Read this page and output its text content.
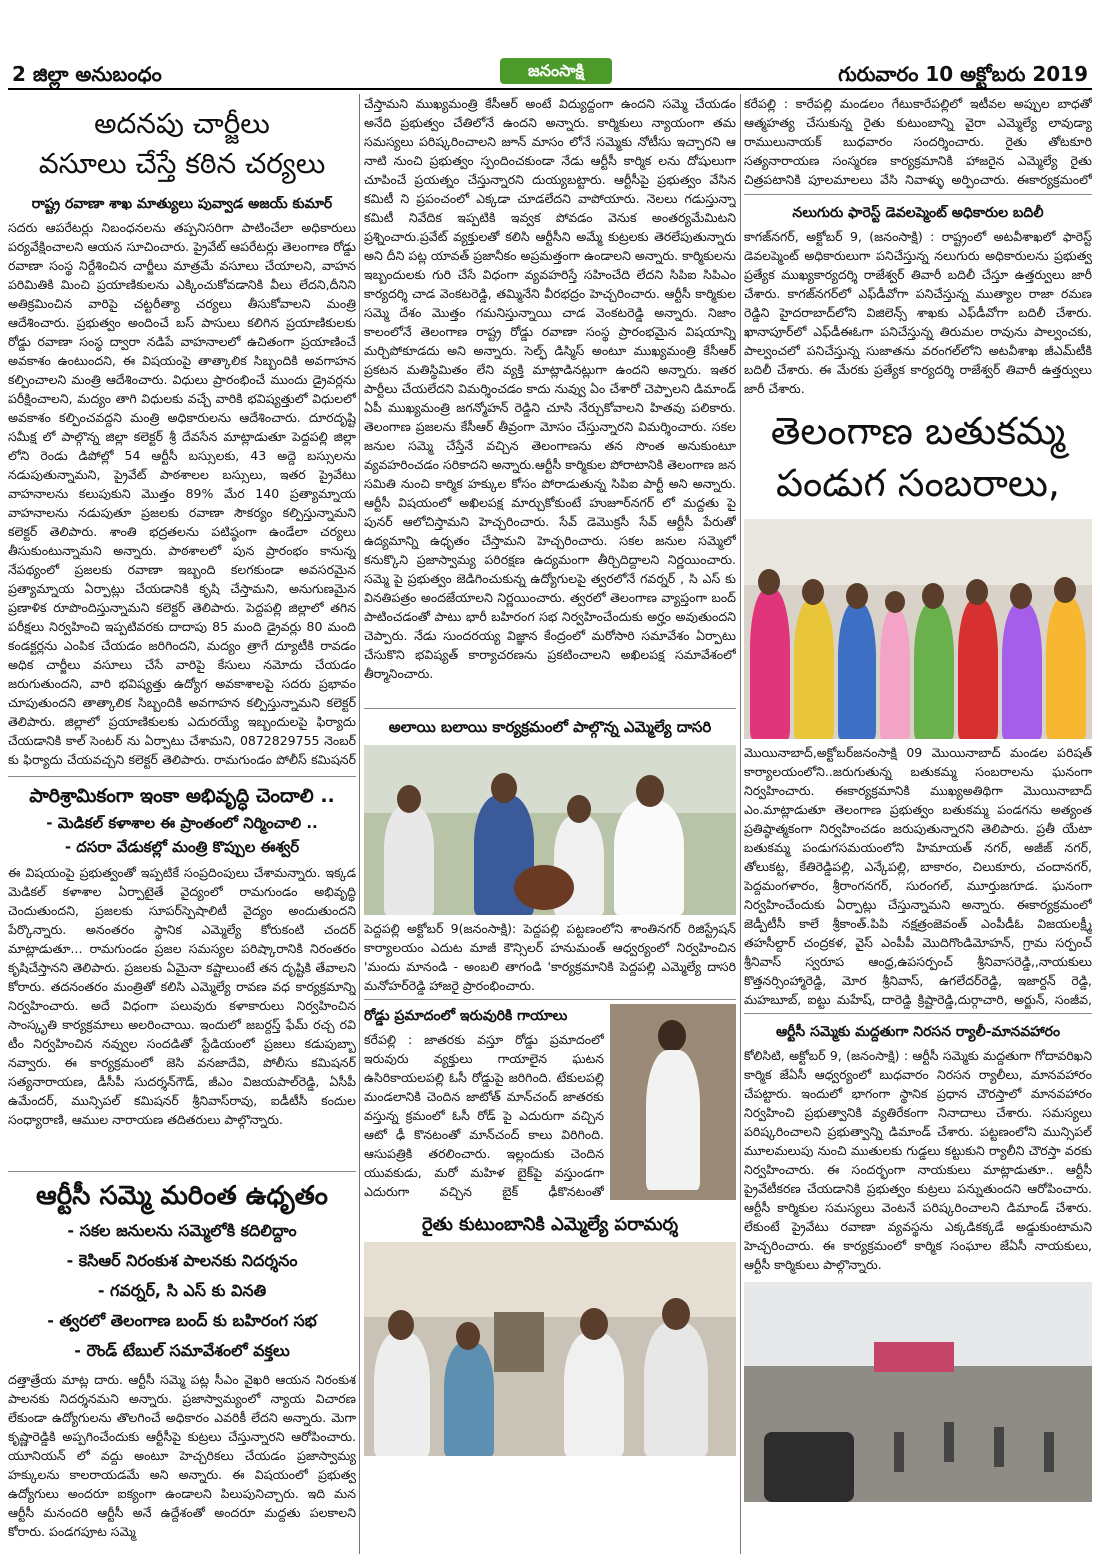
2 జిల్లా అనుబంధం	జనంసాక్షి	గురువారం 10 అక్టోబరు 2019
అదనపు చార్జీలు
వసూలు చేస్తే కఠిన చర్యలు
రాష్ట్ర రవాణా శాఖ మాత్యులు పువ్వాడ అజయ్ కుమార్
సదరు ఆపరేటర్లు నిబంధనలను తప్పనిసరిగా పాటించేలా అధికారులు పర్యవేక్షించాలని ఆయన సూచించారు. ప్రైవేట్ ఆపరేటర్లు తెలంగాణ రోడ్డు రవాణా సంస్థ నిర్దేశించిన చార్జీలు మాత్రమే వసూలు చేయాలని, వాహన పరిమితికి మించి ప్రయాణికులను ఎక్కించుకోవడానికి వీలు లేదని,దీనిని అతిక్రమించిన వారిపై చట్టరీత్యా చర్యలు తీసుకోవాలని మంత్రి ఆదేశించారు. ప్రభుత్వం అందించే బస్ పాసులు కలిగిన ప్రయాణికులకు రోడ్డు రవాణా సంస్థ ద్వారా నడిపే వాహనాలలో ఉచితంగా ప్రయాణించే అవకాశం ఉంటుందని, ఈ విషయంపై తాత్కాలిక సిబ్బందికి అవగాహన కల్పించాలని మంత్రి ఆదేశించారు. విధులు ప్రారంభించే ముందు డ్రైవర్లను పరీక్షించాలని, మద్యం తాగి విధులకు వచ్చే వారికి భవిష్యత్తులో విధులలో అవకాశం కల్పించవద్దని మంత్రి అధికారులను ఆదేశించారు. దూరదృష్టి సమీక్ష లో పాల్గొన్న జిల్లా కలెక్టర్ శ్రీ దేవసేన మాట్లాడుతూ పెద్దపల్లి జిల్లా లోని రెండు డిపోల్లో 54 ఆర్టీసీ బస్సులకు, 43 అద్దె బస్సులను నడుపుతున్నామని, ప్రైవేట్ పాఠశాలల బస్సులు, ఇతర ప్రైవేటు వాహనాలను కలుపుకుని మొత్తం 89% మేర 140 ప్రత్యామ్నాయ వాహనాలను నడుపుతూ ప్రజలకు రవాణా సౌకర్యం కల్పిస్తున్నామని కలెక్టర్ తెలిపారు. శాంతి భద్రతలను పటిష్ఠంగా ఉండేలా చర్యలు తీసుకుంటున్నామని అన్నారు. పాఠశాలలో పున ప్రారంభం కానున్న నేపథ్యంలో ప్రజలకు రవాణా ఇబ్బంది కలగకుండా అవసరమైన ప్రత్యామ్నాయ ఏర్పాట్లు చేయడానికి కృషి చేస్తామని, అనుగుణమైన ప్రణాళిక రూపొందిస్తున్నామని కలెక్టర్ తెలిపారు. పెద్దపల్లి జిల్లాలో తగిన పరీక్షలు నిర్వహించి ఇప్పటివరకు దాదాపు 85 మంది డ్రైవర్లు 80 మంది కండక్టర్లను ఎంపిక చేయడం జరిగిందని, మద్యం త్రాగే ద్యూటీకి రావడం అధిక చార్జీలు వసూలు చేసే వారిపై కేసులు నమోదు చేయడం జరుగుతుందని, వారి భవిష్యత్తు ఉద్యోగ అవకాశాలపై సదరు ప్రభావం చూపుతుందని తాత్కాలిక సిబ్బందికి అవగాహన కల్పిస్తున్నామని కలెక్టర్ తెలిపారు. జిల్లాలో ప్రయాణికులకు ఎదురయ్యే ఇబ్బందులపై ఫిర్యాదు చేయడానికి కాల్ సెంటర్ ను ఏర్పాటు చేశామని, 0872829755 నెంబర్ కు ఫిర్యాదు చేయవచ్చని కలెక్టర్ తెలిపారు. రామగుండం పోలీస్ కమిషనర్
పారిశ్రామికంగా ఇంకా అభివృద్ధి చెందాలి ..
- మెడికల్ కళాశాల ఈ ప్రాంతంలో నిర్మించాలి ..
- దసరా వేడుకల్లో మంత్రి కొప్పుల ఈశ్వర్
ఈ విషయంపై ప్రభుత్వంతో ఇప్పటికే సంప్రదింపులు చేశామన్నారు. ఇక్కడ మెడికల్ కళాశాల ఏర్పాటైతే వైద్యంలో రామగుండం అభివృద్ధి చెందుతుందని, ప్రజలకు సూపర్‌స్పెషాలిటీ వైద్యం అందుతుందని పేర్కొన్నారు. అనంతరం స్థానిక ఎమ్మెల్యే కోరుకంటి చందర్ మాట్లాడుతూ... రామగుండం ప్రజల సమస్యల పరిష్కారానికి నిరంతరం కృషిచేస్తానని తెలిపారు. ప్రజలకు ఏమైనా కష్టాలుంటే తన దృష్టికి తేవాలని కోరారు. తదనంతరం మంత్రితో కలిసి ఎమ్మెల్యే రావణ వధ కార్యక్రమాన్ని నిర్వహించారు. అదే విధంగా పలువురు కళాకారులు నిర్వహించిన సాంస్కృతి కార్యక్రమాలు అలరించాయి. ఇందులో జబర్దస్త్ ఫేమ్ రచ్చ రవి టీం నిర్వహించిన నవ్వుల సందడితో స్టేడియంలో ప్రజలు కడుపుబ్బా నవ్వారు. ఈ కార్యక్రమంలో జెసి వనజాదేవి, పోలీసు కమిషనర్ సత్యనారాయణ, డీసీపీ సుదర్శన్‌గౌడ్, జీఎం విజయపాల్‌రెడ్డి, ఏసీపీ ఉమేందర్, మున్సిపల్ కమిషనర్ శ్రీనివాస్‌రావు, ఐడీటీసీ కందుల సంధ్యారాణి, ఆముల నారాయణ తదితరులు పాల్గొన్నారు.
ఆర్టీసీ సమ్మె మరింత ఉధృతం
- సకల జనులను సమ్మెలోకి కదిలిద్దాం
- కెసిఆర్ నిరంకుశ పాలనకు నిదర్శనం
- గవర్నర్, సి ఎస్ కు వినతి
- త్వరలో తెలంగాణ బంద్ కు బహిరంగ సభ
- రౌండ్ టేబుల్ సమావేశంలో వక్తలు
దత్తాత్రేయ మాట్ల దారు. ఆర్టీసీ సమ్మె పట్ల సీఎం వైఖరి ఆయన నిరంకుశ పాలనకు నిదర్శనమని అన్నారు. ప్రజాస్వామ్యంలో న్యాయ విచారణ లేకుండా ఉద్యోగులను తొలగించే అధికారం ఎవరికీ లేదని అన్నారు. మెగా కృష్ణారెడ్డికి అప్పగించేందుకు ఆర్టీసీపై కుట్రలు చేస్తున్నారని ఆరోపించారు. యూనియన్ లో వద్దు అంటూ హెచ్చరికలు చేయడం ప్రజాస్వామ్య హక్కులను కాలరాయడమే అని అన్నారు. ఈ విషయంలో ప్రభుత్వ ఉద్యోగులు అందరూ ఐక్యంగా ఉండాలని పిలుపునిచ్చారు. ఇది మన ఆర్టీసీ మనందరి ఆర్టీసీ అనే ఉద్దేశంతో అందరూ మద్దతు పలకాలని కోరారు. పండగపూట సమ్మె
చేస్తామని ముఖ్యమంత్రి కేసీఆర్ అంటే విద్యుద్దంగా ఉందని సమ్మె చేయడం అనేది ప్రభుత్వం చేతిలోనే ఉందని అన్నారు. కార్మికులు న్యాయంగా తమ సమస్యలు పరిష్కరించాలని జూన్ మాసం లోనే సమ్మెకు నోటీసు ఇచ్చారని ఆ నాటి నుంచి ప్రభుత్వం స్పందించకుండా నేడు ఆర్టీసీ కార్మిక లను దోషులుగా చూపించే ప్రయత్నం చేస్తున్నారని దుయ్యబట్టారు. ఆర్టీసీపై ప్రభుత్వం వేసిన కమిటీ ని ప్రపంచంలో ఎక్కడా చూడలేదని వాపోయారు. నెలలు గడుస్తున్నా కమిటీ నివేదిక ఇప్పటికి ఇవ్వక పోవడం వెనుక అంతర్యమేమిటని ప్రశ్నించారు.ప్రవేట్ వ్యక్తులతో కలిసి ఆర్టీసీని అమ్మే కుట్రలకు తెరలేపుతున్నారు అని దీని పట్ల యావత్ ప్రజానీకం అప్రమత్తంగా ఉండాలని అన్నారు. కార్మికులను ఇబ్బందులకు గురి చేసే విధంగా వ్యవహరిస్తే సహించేది లేదని సిపిఐ సిపిఎం కార్యదర్శి చాడ వెంకటరెడ్డి, తమ్మినేని వీరభద్రం హెచ్చరించారు. ఆర్టీసీ కార్మికుల సమ్మె దేశం మొత్తం గమనిస్తున్నాయి చాడ వెంకటరెడ్డి అన్నారు. నిజాం కాలంలోనే తెలంగాణ రాష్ట్ర రోడ్డు రవాణా సంస్థ ప్రారంభమైన విషయాన్ని మర్చిపోకూడదు అని అన్నారు. సెల్ఫ్ డిస్మిస్ అంటూ ముఖ్యమంత్రి కేసీఆర్ ప్రకటన మతిస్థిమితం లేని వ్యక్తి మాట్లాడినట్లుగా ఉందని అన్నారు. ఇతర పార్టీలు చేయలేదని విమర్శించడం కాదు నువ్వు ఏం చేశారో చెప్పాలని డిమాండ్ ఏపీ ముఖ్యమంత్రి జగన్మోహన్ రెడ్డిని చూసి నేర్చుకోవాలని హితవు పలికారు. తెలంగాణ ప్రజలను కేసీఆర్ తీవ్రంగా మోసం చేస్తున్నారని విమర్శించారు. సకల జనుల సమ్మె చేస్తేనే వచ్చిన తెలంగాణను తన సొంత అనుకుంటూ వ్యవహరించడం సరికాదని అన్నారు.ఆర్టీసీ కార్మికుల పోరాటానికి తెలంగాణ జన సమితి నుంచి కార్మిక హక్కుల కోసం పోరాడుతున్న సిపిఐ పార్టీ అని అన్నారు. ఆర్టీసీ విషయంలో అఖిలపక్ష మార్చుకోకుంటే హుజూర్‌నగర్ లో మద్దతు పై పునర్ ఆలోచిస్తామని హెచ్చరించారు. సేవ్ డెమొక్రసీ సేవ్ ఆర్టీసీ పేరుతో ఉద్యమాన్ని ఉధృతం చేస్తామని హెచ్చరించారు. సకల జనుల సమ్మెలో కనుక్కొని ప్రజాస్వామ్య పరిరక్షణ ఉద్యమంగా తీర్చిదిద్దాలని నిర్ణయించారు. సమ్మె పై ప్రభుత్వం జెడిగించుకున్న ఉద్యోగులపై త్వరలోనే గవర్నర్ , సి ఎస్ కు వినతిపత్రం అందజేయాలని నిర్ణయించారు. త్వరలో తెలంగాణ వ్యాప్తంగా బంద్ పాటించడంతో పాటు భారీ బహిరంగ సభ నిర్వహించేందుకు అర్హం అవుతుందని చెప్పారు. నేడు సుందరయ్య విజ్ఞాన కేంద్రంలో మరోసారి సమావేశం ఏర్పాటు చేసుకొని భవిష్యత్ కార్యాచరణను ప్రకటించాలని అఖిలపక్ష సమావేశంలో తీర్మానించారు.
అలాయి బలాయి కార్యక్రమంలో పాల్గొన్న ఎమ్మెల్యే దాసరి
పెద్దపల్లి అక్టోబర్ 9(జనంసాక్షి): పెద్దపల్లి పట్టణంలోని శాంతినగర్ రిజిస్ట్రేషన్ కార్యాలయం ఎదుట మాజీ కౌన్సిలర్ హనుమంత్ ఆధ్వర్యంలో నిర్వహించిన 'మందు మానండి - అంబలి తాగండి 'కార్యక్రమానికి పెద్దపల్లి ఎమ్మెల్యే దాసరి మనోహర్‌రెడ్డి హాజరై ప్రారంభించారు.
రోడ్డు ప్రమాదంలో ఇరువురికి గాయాలు
కరేపల్లి : జాతరకు వస్తూ రోడ్డు ప్రమాదంలో ఇరువురు వ్యక్తులు గాయాలైన ఘటన ఉసిరికాయలపల్లి ఓసీ రోడ్డుపై జరిగింది. టేకులపల్లి మండలానికి చెందిన జాటోత్ మాన్‌చంద్ జాతరకు వస్తున్న క్రమంలో ఓసీ రోడ్ పై ఎదురుగా వచ్చిన ఆటో ఢీ కొనటంతో మాన్‌చంద్ కాలు విరిగింది. ఆసుపత్రికి తరలించారు. ఇల్లందుకు చెందిన యువకుడు, మరో మహిళ బైక్‌పై వస్తుండగా ఎదురుగా వచ్చిన బైక్ ఢీకొనటంతో
రైతు కుటుంబానికి ఎమ్మెల్యే పరామర్శ
కరేపల్లి : కారేపల్లి మండలం గేటుకారేపల్లిలో ఇటీవల అప్పుల బాధతో ఆత్మహత్య చేసుకున్న రైతు కుటుంబాన్ని వైరా ఎమ్మెల్యే లావుడ్యా రాములునాయక్ బుధవారం సందర్శించారు. రైతు తోటకూరి సత్యనారాయణ సంస్మరణ కార్యక్రమానికి హాజరైన ఎమ్మెల్యే రైతు చిత్రపటానికి పూలమాలలు వేసి నివాళ్ళు అర్పించారు. ఈకార్యక్రమంలో
నలుగురు ఫారెస్ట్ డెవలప్మెంట్ అధికారుల బదిలీ
కాగజ్‌నగర్, అక్టోబర్ 9, (జనంసాక్షి) : రాష్ట్రంలో అటవీశాఖలో ఫారెస్ట్ డెవలప్మెంట్ అధికారులుగా పనిచేస్తున్న నలుగురు అధికారులను ప్రభుత్వ ప్రత్యేక ముఖ్యకార్యదర్శి రాజేశ్వర్ తివారీ బదిలీ చేస్తూ ఉత్తర్వులు జారీ చేశారు. కాగజ్‌నగర్‌లో ఎఫ్‌డీవోగా పనిచేస్తున్న ముత్యాల రాజా రమణ రెడ్డిని హైదరాబాద్‌లోని విజిలెన్స్ శాఖకు ఎఫ్‌డీవోగా బదిలీ చేశారు. ఖానాపూర్‌లో ఎఫ్‌డీఈఓగా పనిచేస్తున్న తిరుమల రావును పాల్వంచకు, పాల్వంచలో పనిచేస్తున్న సుజాతను వరంగల్‌లోని అటవీశాఖ జీఎమ్‌టీకి బదిలీ చేశారు. ఈ మేరకు ప్రత్యేక కార్యదర్శి రాజేశ్వర్ తివారీ ఉత్తర్వులు జారీ చేశారు.
తెలంగాణ బతుకమ్మ
పండుగ సంబరాలు,
మొయినాబాద్,అక్టోబర్‌జనంసాక్షి 09 మొయినాబాద్ మండల పరిషత్ కార్యాలయంలోని..జరుగుతున్న బతుకమ్మ సంబరాలను ఘనంగా నిర్వహించారు. ఈకార్యక్రమానికి ముఖ్యఅతిథిగా మొయినాబాద్ ఎం.మాట్లాడుతూ తెలంగాణ ప్రభుత్వం బతుకమ్మ పండగను అత్యంత ప్రతిష్ఠాత్మకంగా నిర్వహించడం జరుపుతున్నారని తెలిపారు. ప్రతీ యేటా బతుకమ్మ పండుగసమయంలోని హిమాయత్ నగర్, అజీజ్ నగర్, తోలుకట్ట, కేతిరెడ్డిపల్లి, ఎన్కేపల్లి, బాకారం, చిలుకూరు, చందానగర్, పెద్దమంగళారం, శ్రీరాంగనగర్, సురంగల్, మూర్తుజగూడ. ఘనంగా నిర్వహించేందుకు ఏర్పాట్లు చేస్తున్నామని అన్నారు. ఈకార్యక్రమంలో జెడ్పీటీసీ కాలే శ్రీకాంత్.పిపి నక్షత్రంజెవంత్ ఎంపీడీఓ విజయలక్ష్మీ తహసీల్దార్ చంద్రకళ, వైస్ ఎంపీపీ మొదిగొండిమోహన్, గ్రామ సర్పంచ్ శ్రీనివాస్ స్వరూప ఆంధ్ర,ఉపసర్పంచ్ శ్రీనివాసరెడ్డి,,నాయకులు కొత్తనర్సింహ్మారెడ్డి, మోర శ్రీనివాస్, ఉగలేదర్‌రెడ్డి, ఇజార్దన్ రెడ్డి, మహబూబ్, ఐట్టు మహేష్, దారెడ్డి క్రిష్టారెడ్డి,దుర్గాచారి, అర్జున్, సంజీవ,
ఆర్టీసీ సమ్మెకు మద్దతుగా నిరసన ర్యాలీ-మానవహారం
కోలిసిటి, అక్టోబర్ 9, (జనంసాక్షి) : ఆర్టీసీ సమ్మెకు మద్దతుగా గోదావరిఖని కార్మిక జేఏసీ ఆధ్వర్యంలో బుధవారం నిరసన ర్యాలీలు, మానవహారం చేపట్టారు. ఇందులో భాగంగా స్థానిక ప్రధాన చౌరస్తాలో మానవహారం నిర్వహించి ప్రభుత్వానికి వ్యతిరేకంగా నినాదాలు చేశారు. సమస్యలు పరిష్కరించాలని ప్రభుత్వాన్ని డిమాండ్ చేశారు. పట్టణంలోని మున్సిపల్ మూలమలుపు నుంచి ముతులకు గుడ్డలు కట్టుకుని ర్యాలీని చౌరస్తా వరకు నిర్వహించారు. ఈ సందర్భంగా నాయకులు మాట్లాడుతూ.. ఆర్టీసీ ప్రైవేటీకరణ చేయడానికి ప్రభుత్వం కుట్రలు పన్నుతుందని ఆరోపించారు. ఆర్టీసీ కార్మికుల సమస్యలు వెంటనే పరిష్కరించాలని డిమాండ్ చేశారు. లేకుంటే ప్రైవేటు రవాణా వ్యవస్థను ఎక్కడికక్కడే అడ్డుకుంటామని హెచ్చరించారు. ఈ కార్యక్రమంలో కార్మిక సంఘాల జేఏసీ నాయకులు, ఆర్టీసీ కార్మికులు పాల్గొన్నారు.
